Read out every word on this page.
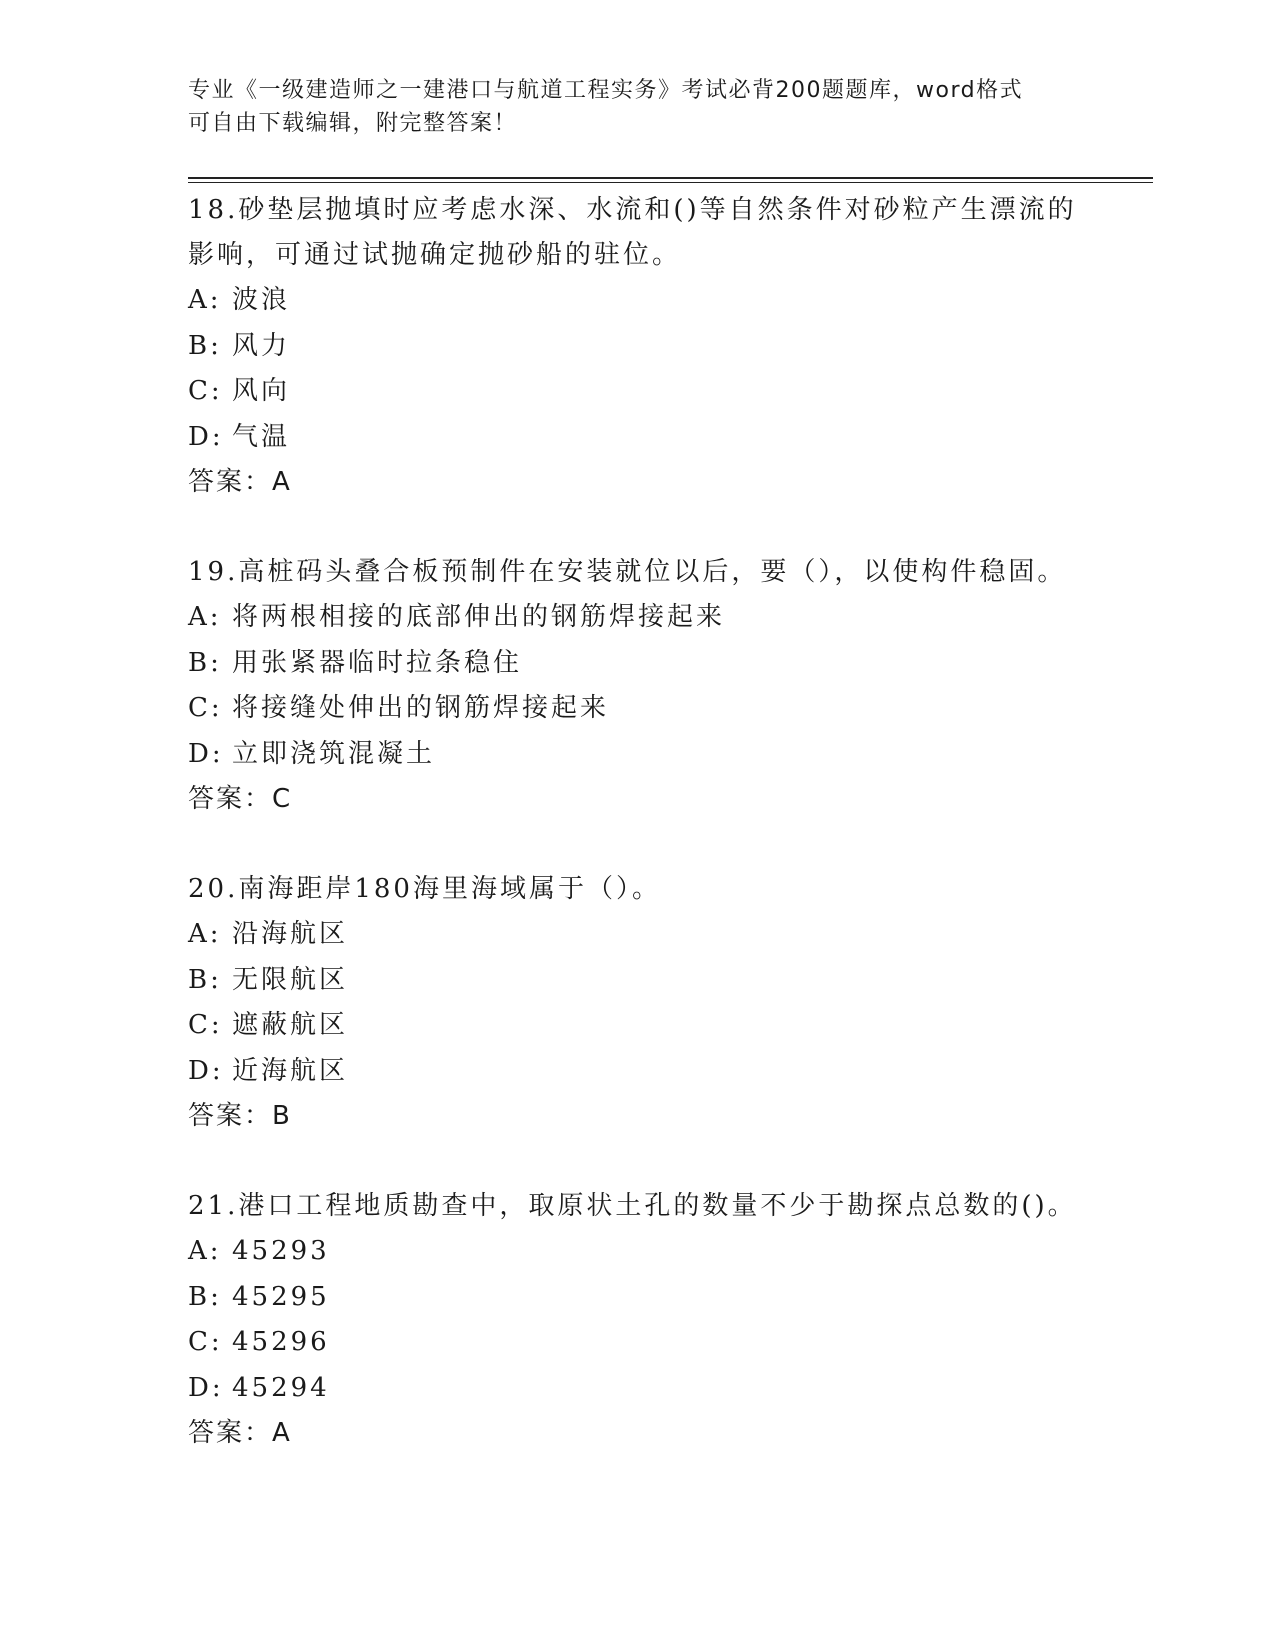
专业《一级建造师之一建港口与航道工程实务》考试必背200题题库，word格式
可自由下载编辑，附完整答案！
18.砂垫层抛填时应考虑水深、水流和()等自然条件对砂粒产生漂流的
影响，可通过试抛确定抛砂船的驻位。
A: 波浪
B: 风力
C: 风向
D: 气温
答案：A
19.高桩码头叠合板预制件在安装就位以后，要（），以使构件稳固。
A: 将两根相接的底部伸出的钢筋焊接起来
B: 用张紧器临时拉条稳住
C: 将接缝处伸出的钢筋焊接起来
D: 立即浇筑混凝土
答案：C
20.南海距岸180海里海域属于（）。
A: 沿海航区
B: 无限航区
C: 遮蔽航区
D: 近海航区
答案：B
21.港口工程地质勘查中，取原状土孔的数量不少于勘探点总数的()。
A: 45293
B: 45295
C: 45296
D: 45294
答案：A
